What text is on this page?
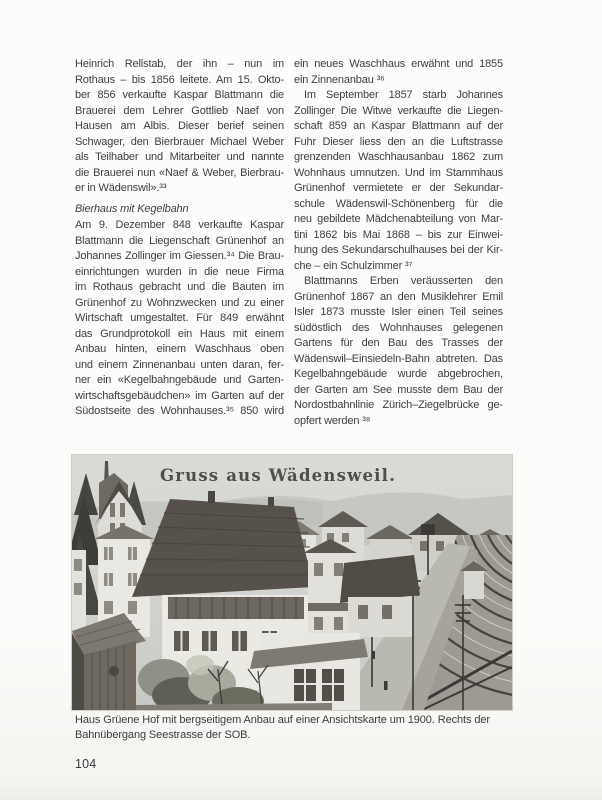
Heinrich Rellstab, der ihn – nun im
Rothaus – bis 1856 leitete. Am 15. Okto-
ber 856 verkaufte Kaspar Blattmann die
Brauerei dem Lehrer Gottlieb Naef von
Hausen am Albis. Dieser berief seinen
Schwager, den Bierbrauer Michael Weber
als Teilhaber und Mitarbeiter und nannte
die Brauerei nun «Naef & Weber, Bierbrau-
er in Wädenswil».³³
Bierhaus mit Kegelbahn
Am 9. Dezember 848 verkaufte Kaspar
Blattmann die Liegenschaft Grünenhof an
Johannes Zollinger im Giessen.³⁴ Die Brau-
einrichtungen wurden in die neue Firma
im Rothaus gebracht und die Bauten im
Grünenhof zu Wohnzwecken und zu einer
Wirtschaft umgestaltet. Für 849 erwähnt
das Grundprotokoll ein Haus mit einem
Anbau hinten, einem Waschhaus oben
und einem Zinnenanbau unten daran, fer-
ner ein «Kegelbahngebäude und Garten-
wirtschaftsgebäudchen» im Garten auf der
Südostseite des Wohnhauses.³⁵ 850 wird
ein neues Waschhaus erwähnt und 1855
ein Zinnenanbau ³⁶
Im September 1857 starb Johannes
Zollinger Die Witwe verkaufte die Liegen-
schaft 859 an Kaspar Blattmann auf der
Fuhr Dieser liess den an die Luftstrasse
grenzenden Waschhausanbau 1862 zum
Wohnhaus umnutzen. Und im Stammhaus
Grünenhof vermietete er der Sekundar-
schule Wädenswil-Schönenberg für die
neu gebildete Mädchenabteilung von Mar-
tini 1862 bis Mai 1868 – bis zur Einwei-
hung des Sekundarschulhauses bei der Kir-
che – ein Schulzimmer ³⁷
Blattmanns Erben veräusserten den
Grünenhof 1867 an den Musiklehrer Emil
Isler 1873 musste Isler einen Teil seines
südöstlich des Wohnhauses gelegenen
Gartens für den Bau des Trasses der
Wädenswil–Einsiedeln-Bahn abtreten. Das
Kegelbahngebäude wurde abgebrochen,
der Garten am See musste dem Bau der
Nordostbahnlinie Zürich–Ziegelbrücke ge-
opfert werden ³⁸
Gruss aus Wädensweil.
Haus Grüene Hof mit bergseitigem Anbau auf einer Ansichtskarte um 1900. Rechts der
Bahnübergang Seestrasse der SOB.
104
